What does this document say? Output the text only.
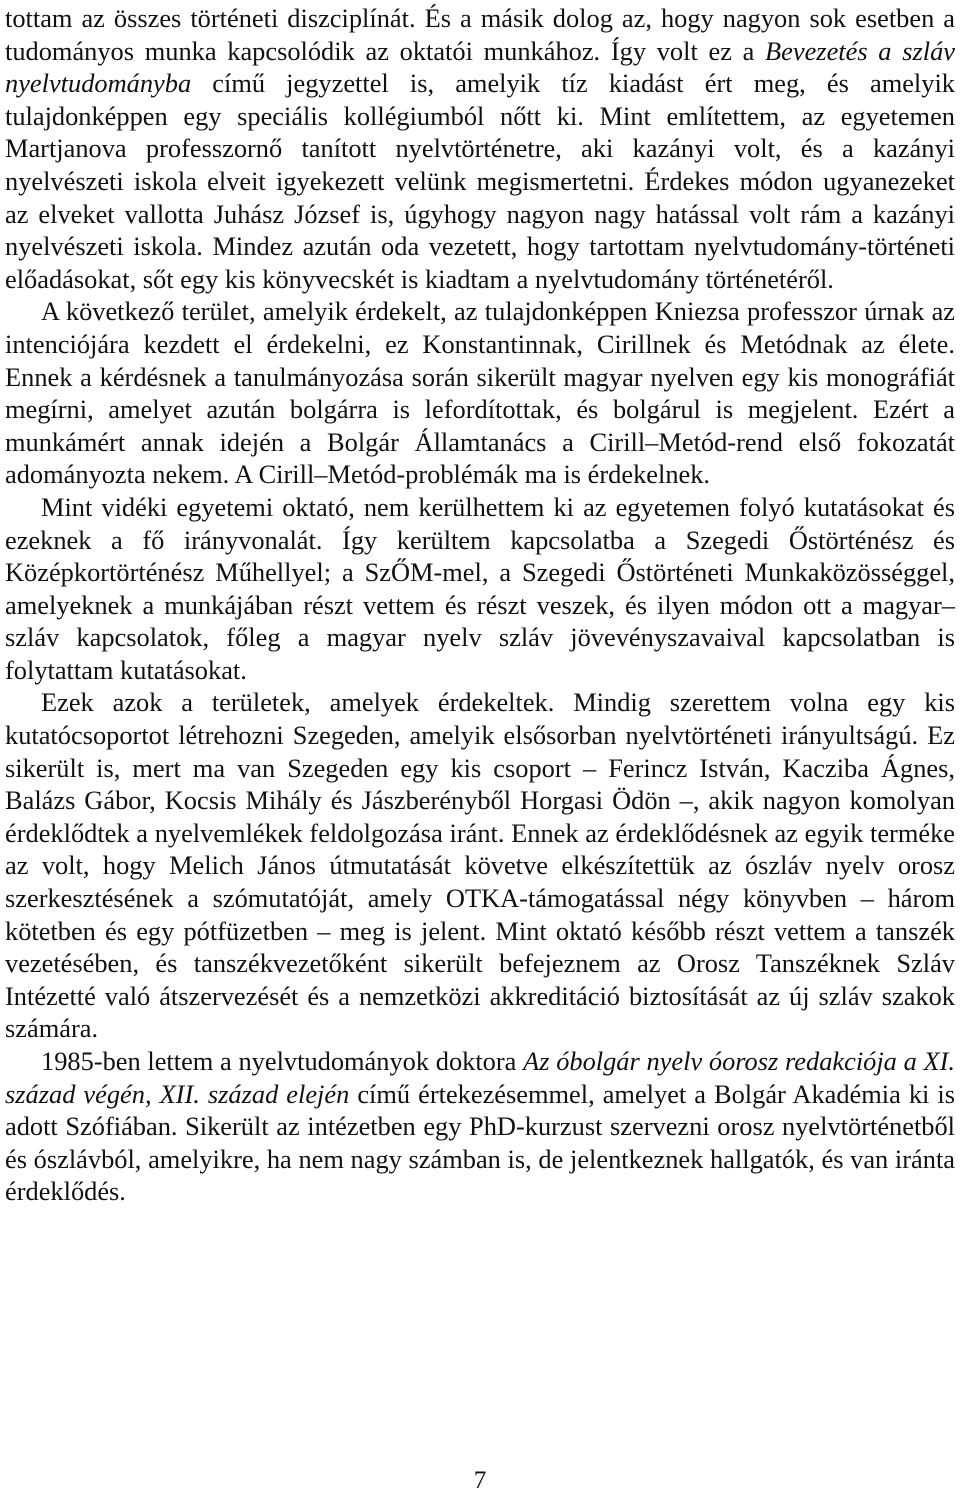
tottam az összes történeti diszciplínát. És a másik dolog az, hogy nagyon sok esetben a tudományos munka kapcsolódik az oktatói munkához. Így volt ez a Bevezetés a szláv nyelvtudományba című jegyzettel is, amelyik tíz kiadást ért meg, és amelyik tulajdonképpen egy speciális kollégiumból nőtt ki. Mint említettem, az egyetemen Martjanova professzornő tanított nyelvtörténetre, aki kazányi volt, és a kazányi nyelvészeti iskola elveit igyekezett velünk megismertetni. Érdekes módon ugyanezeket az elveket vallotta Juhász József is, úgyhogy nagyon nagy hatással volt rám a kazányi nyelvészeti iskola. Mindez azután oda vezetett, hogy tartottam nyelvtudomány-történeti előadásokat, sőt egy kis könyvecskét is kiadtam a nyelvtudomány történetéről.

A következő terület, amelyik érdekelt, az tulajdonképpen Kniezsa professzor úrnak az intenciójára kezdett el érdekelni, ez Konstantinnak, Cirillnek és Metódnak az élete. Ennek a kérdésnek a tanulmányozása során sikerült magyar nyelven egy kis monográfiát megírni, amelyet azután bolgárra is lefordítottak, és bolgárul is megjelent. Ezért a munkámért annak idején a Bolgár Államtanács a Cirill–Metód-rend első fokozatát adományozta nekem. A Cirill–Metód-problémák ma is érdekelnek.

Mint vidéki egyetemi oktató, nem kerülhettem ki az egyetemen folyó kutatásokat és ezeknek a fő irányvonalát. Így kerültem kapcsolatba a Szegedi Őstörténész és Középkortörténész Műhellyel; a SzŐM-mel, a Szegedi Őstörténeti Munkaközösséggel, amelyeknek a munkájában részt vettem és részt veszek, és ilyen módon ott a magyar–szláv kapcsolatok, főleg a magyar nyelv szláv jövevényszavaival kapcsolatban is folytattam kutatásokat.

Ezek azok a területek, amelyek érdekeltek. Mindig szerettem volna egy kis kutatócsoportot létrehozni Szegeden, amelyik elsősorban nyelvtörténeti irányultságú. Ez sikerült is, mert ma van Szegeden egy kis csoport – Ferincz István, Kacziba Ágnes, Balázs Gábor, Kocsis Mihály és Jászberényből Horgasi Ödön –, akik nagyon komolyan érdeklődtek a nyelvemlékek feldolgozása iránt. Ennek az érdeklődésnek az egyik terméke az volt, hogy Melich János útmutatását követve elkészítettük az ószláv nyelv orosz szerkesztésének a szómutatóját, amely OTKA-támogatással négy könyvben – három kötetben és egy pótfüzetben – meg is jelent. Mint oktató később részt vettem a tanszék vezetésében, és tanszékvezetőként sikerült befejeznem az Orosz Tanszéknek Szláv Intézetté való átszervezését és a nemzetközi akkreditáció biztosítását az új szláv szakok számára.

1985-ben lettem a nyelvtudományok doktora Az óbolgár nyelv óorosz redakciója a XI. század végén, XII. század elején című értekezésemmel, amelyet a Bolgár Akadémia ki is adott Szófiában. Sikerült az intézetben egy PhD-kurzust szervezni orosz nyelvtörténetből és ószlávból, amelyikre, ha nem nagy számban is, de jelentkeznek hallgatók, és van iránta érdeklődés.

7
